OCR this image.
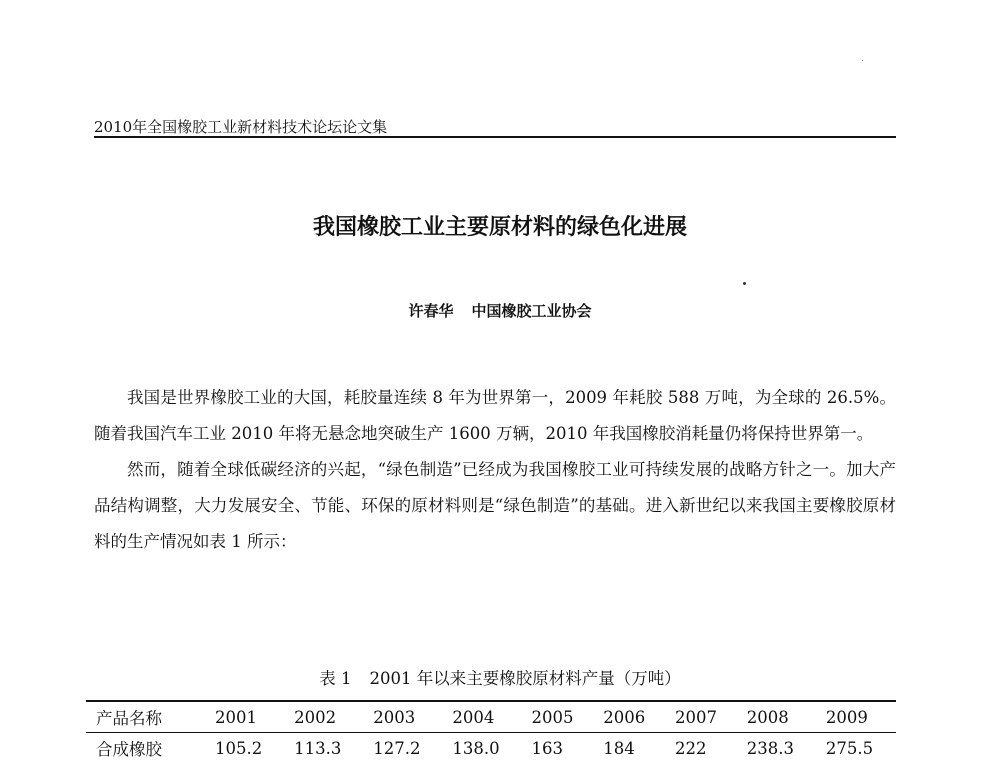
2010年全国橡胶工业新材料技术论坛论文集
我国橡胶工业主要原材料的绿色化进展
许春华 中国橡胶工业协会

我国是世界橡胶工业的大国，耗胶量连续 8 年为世界第一，2009 年耗胶 588 万吨，为全球的 26.5%。随着我国汽车工业 2010 年将无悬念地突破生产 1600 万辆，2010 年我国橡胶消耗量仍将保持世界第一。

然而，随着全球低碳经济的兴起，“绿色制造”已经成为我国橡胶工业可持续发展的战略方针之一。加大产品结构调整，大力发展安全、节能、环保的原材料则是“绿色制造”的基础。进入新世纪以来我国主要橡胶原材料的生产情况如表 1 所示：

表 1 2001 年以来主要橡胶原材料产量（万吨）
产品名称	2001	2002	2003	2004	2005	2006	2007	2008	2009
合成橡胶	105.2	113.3	127.2	138.0	163	184	222	238.3	275.5
